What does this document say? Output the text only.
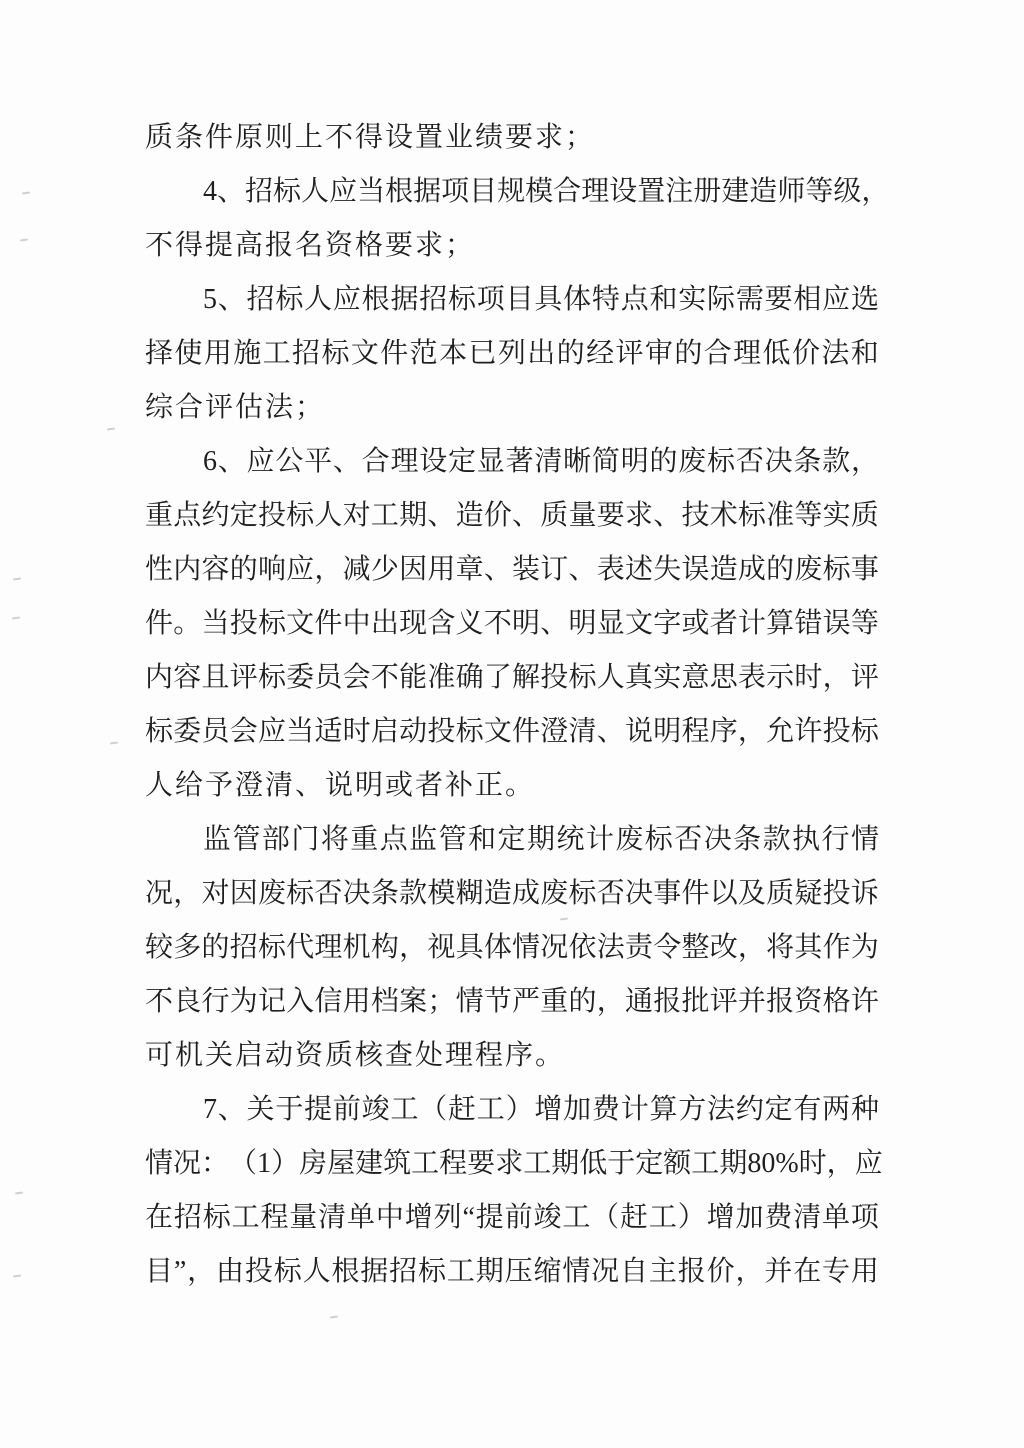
质条件原则上不得设置业绩要求；
4 、 招 标 人 应 当 根 据 项 目 规 模 合 理 设 置 注 册 建 造 师 等 级 ，
不得提高报名资格要求；
5 、 招 标 人 应 根 据 招 标 项 目 具 体 特 点 和 实 际 需 要 相 应 选
择 使 用 施 工 招 标 文 件 范 本 已 列 出 的 经 评 审 的 合 理 低 价 法 和
综合评估法；
6 、 应 公 平 、 合 理 设 定 显 著 清 晰 简 明 的 废 标 否 决 条 款 ，
重 点 约 定 投 标 人 对 工 期 、 造 价 、 质 量 要 求 、 技 术 标 准 等 实 质
性 内 容 的 响 应 ， 减 少 因 用 章 、 装 订 、 表 述 失 误 造 成 的 废 标 事
件 。 当 投 标 文 件 中 出 现 含 义 不 明 、 明 显 文 字 或 者 计 算 错 误 等
内 容 且 评 标 委 员 会 不 能 准 确 了 解 投 标 人 真 实 意 思 表 示 时 ， 评
标 委 员 会 应 当 适 时 启 动 投 标 文 件 澄 清 、 说 明 程 序 ， 允 许 投 标
人给予澄清、说明或者补正。
监 管 部 门 将 重 点 监 管 和 定 期 统 计 废 标 否 决 条 款 执 行 情
况 ， 对 因 废 标 否 决 条 款 模 糊 造 成 废 标 否 决 事 件 以 及 质 疑 投 诉
较 多 的 招 标 代 理 机 构 ， 视 具 体 情 况 依 法 责 令 整 改 ， 将 其 作 为
不 良 行 为 记 入 信 用 档 案 ； 情 节 严 重 的 ， 通 报 批 评 并 报 资 格 许
可机关启动资质核查处理程序。
7 、 关 于 提 前 竣 工 （ 赶 工 ） 增 加 费 计 算 方 法 约 定 有 两 种
情 况 ： （ 1 ） 房 屋 建 筑 工 程 要 求 工 期 低 于 定 额 工 期 80% 时 ， 应
在 招 标 工 程 量 清 单 中 增 列 “ 提 前 竣 工 （ 赶 工 ） 增 加 费 清 单 项
目 ” ， 由 投 标 人 根 据 招 标 工 期 压 缩 情 况 自 主 报 价 ， 并 在 专 用
